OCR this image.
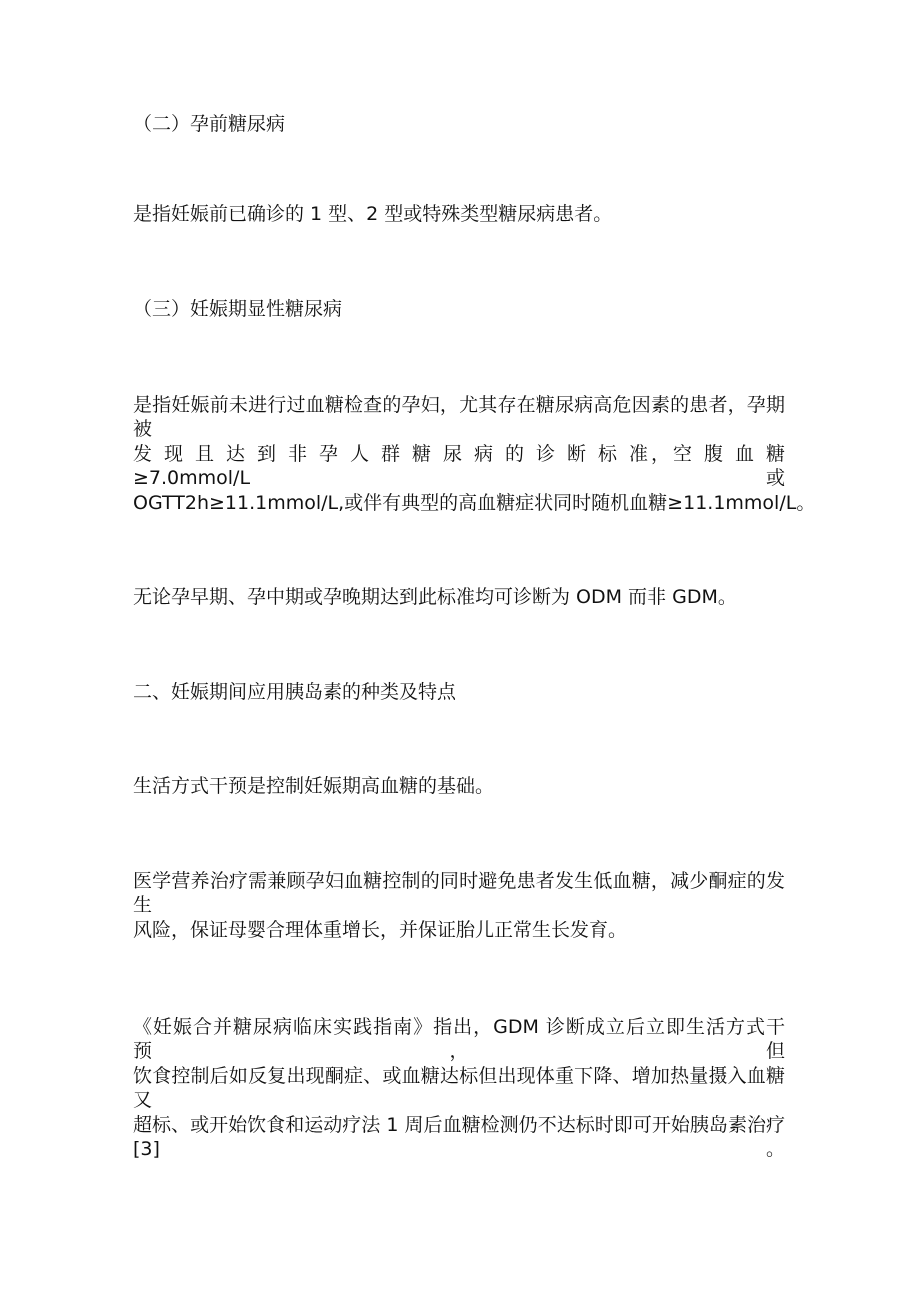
（二）孕前糖尿病
是指妊娠前已确诊的 1 型、2 型或特殊类型糖尿病患者。
（三）妊娠期显性糖尿病
是指妊娠前未进行过血糖检查的孕妇，尤其存在糖尿病高危因素的患者，孕期被
发 现 且 达 到 非 孕 人 群 糖 尿 病 的 诊 断 标 准，空 腹 血 糖 ≥7.0mmol/L 或
OGTT2h≥11.1mmol/L,或伴有典型的高血糖症状同时随机血糖≥11.1mmol/L。
无论孕早期、孕中期或孕晚期达到此标准均可诊断为 ODM 而非 GDM。
二、妊娠期间应用胰岛素的种类及特点
生活方式干预是控制妊娠期高血糖的基础。
医学营养治疗需兼顾孕妇血糖控制的同时避免患者发生低血糖，减少酮症的发生
风险，保证母婴合理体重增长，并保证胎儿正常生长发育。
《妊娠合并糖尿病临床实践指南》指出，GDM 诊断成立后立即生活方式干预，但
饮食控制后如反复出现酮症、或血糖达标但出现体重下降、增加热量摄入血糖又
超标、或开始饮食和运动疗法 1 周后血糖检测仍不达标时即可开始胰岛素治疗[3]。
